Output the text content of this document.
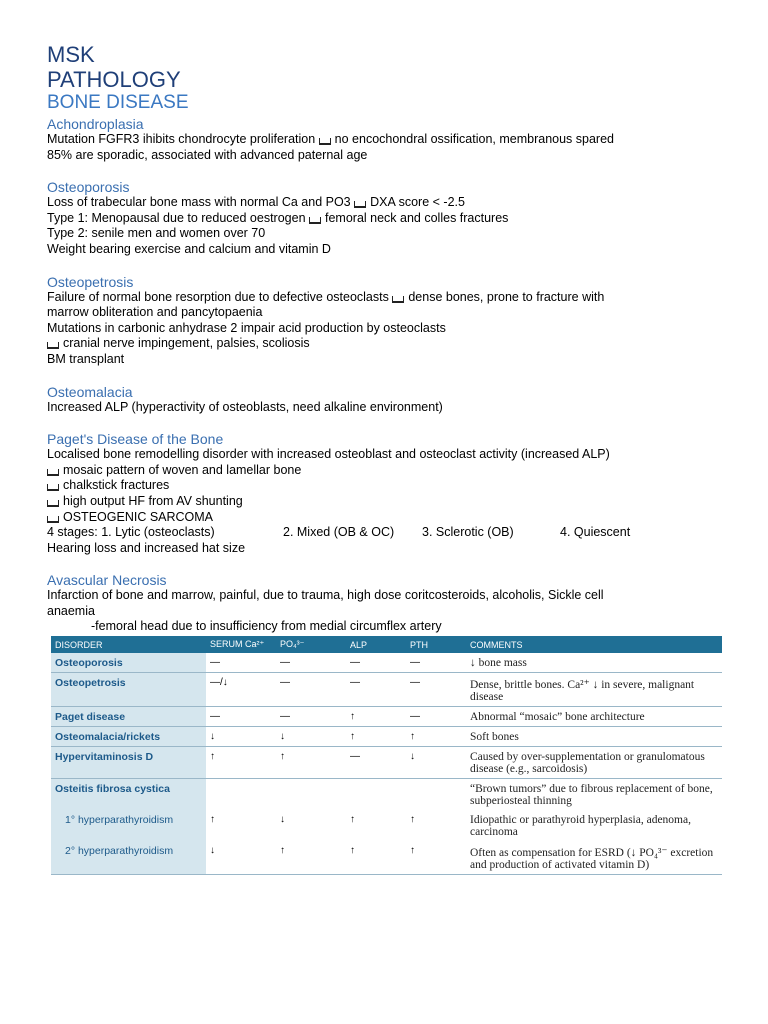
MSK
PATHOLOGY
BONE DISEASE
Achondroplasia

Mutation FGFR3 ihibits chondrocyte proliferation no encochondral ossification, membranous spared

85% are sporadic, associated with advanced paternal age

Osteoporosis

Loss of trabecular bone mass with normal Ca and PO3 DXA score < -2.5

Type 1: Menopausal due to reduced oestrogen femoral neck and colles fractures

Type 2: senile men and women over 70

Weight bearing exercise and calcium and vitamin D

Osteopetrosis

Failure of normal bone resorption due to defective osteoclasts dense bones, prone to fracture with

marrow obliteration and pancytopaenia

Mutations in carbonic anhydrase 2 impair acid production by osteoclasts

cranial nerve impingement, palsies, scoliosis

BM transplant

Osteomalacia

Increased ALP (hyperactivity of osteoblasts, need alkaline environment)

Paget's Disease of the Bone

Localised bone remodelling disorder with increased osteoblast and osteoclast activity (increased ALP)

mosaic pattern of woven and lamellar bone

chalkstick fractures

high output HF from AV shunting

OSTEOGENIC SARCOMA

4 stages: 1. Lytic (osteoclasts)	2. Mixed (OB & OC) 3. Sclerotic (OB)	4. Quiescent

Hearing loss and increased hat size

Avascular Necrosis

Infarction of bone and marrow, painful, due to trauma, high dose coritcosteroids, alcoholis, Sickle cell

anaemia

-femoral head due to insufficiency from medial circumflex artery

DISORDER	SERUM Ca²⁺	PO₄³⁻	ALP	PTH	COMMENTS
Osteoporosis	—	—	—	—	↓ bone mass
Osteopetrosis	—/↓	—	—	—	Dense, brittle bones. Ca²⁺ ↓ in severe, malignant disease
Paget disease	—	—	↑	—	Abnormal “mosaic” bone architecture
Osteomalacia/rickets	↓	↓	↑	↑	Soft bones
Hypervitaminosis D	↑	↑	—	↓	Caused by over-supplementation or granulomatous disease (e.g., sarcoidosis)
Osteitis fibrosa cystica					“Brown tumors” due to fibrous replacement of bone, subperiosteal thinning
1° hyperparathyroidism	↑	↓	↑	↑	Idiopathic or parathyroid hyperplasia, adenoma, carcinoma
2° hyperparathyroidism	↓	↑	↑	↑	Often as compensation for ESRD (↓ PO₄³⁻ excretion and production of activated vitamin D)
